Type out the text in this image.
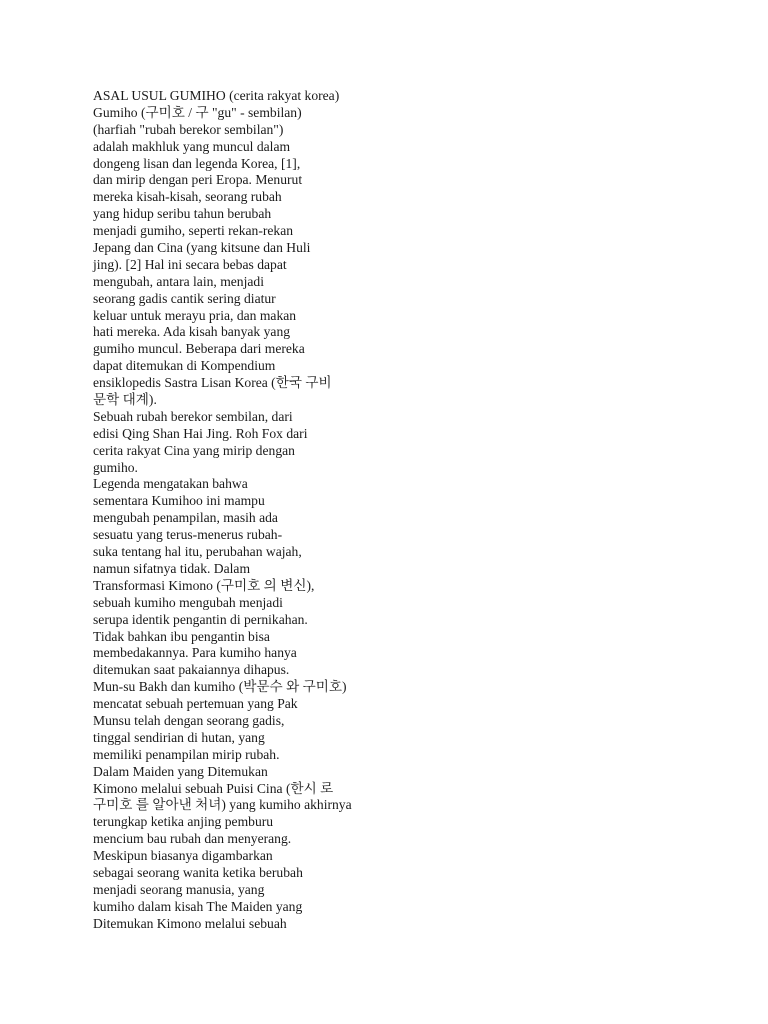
ASAL USUL GUMIHO (cerita rakyat korea)
Gumiho (구미호 / 구 "gu" - sembilan)
(harfiah "rubah berekor sembilan")
adalah makhluk yang muncul dalam
dongeng lisan dan legenda Korea, [1],
dan mirip dengan peri Eropa. Menurut
mereka kisah-kisah, seorang rubah
yang hidup seribu tahun berubah
menjadi gumiho, seperti rekan-rekan
Jepang dan Cina (yang kitsune dan Huli
jing). [2] Hal ini secara bebas dapat
mengubah, antara lain, menjadi
seorang gadis cantik sering diatur
keluar untuk merayu pria, dan makan
hati mereka. Ada kisah banyak yang
gumiho muncul. Beberapa dari mereka
dapat ditemukan di Kompendium
ensiklopedis Sastra Lisan Korea (한국 구비
문학 대계).
Sebuah rubah berekor sembilan, dari
edisi Qing Shan Hai Jing. Roh Fox dari
cerita rakyat Cina yang mirip dengan
gumiho.
Legenda mengatakan bahwa
sementara Kumihoo ini mampu
mengubah penampilan, masih ada
sesuatu yang terus-menerus rubah-
suka tentang hal itu, perubahan wajah,
namun sifatnya tidak. Dalam
Transformasi Kimono (구미호 의 변신),
sebuah kumiho mengubah menjadi
serupa identik pengantin di pernikahan.
Tidak bahkan ibu pengantin bisa
membedakannya. Para kumiho hanya
ditemukan saat pakaiannya dihapus.
Mun-su Bakh dan kumiho (박문수 와 구미호)
mencatat sebuah pertemuan yang Pak
Munsu telah dengan seorang gadis,
tinggal sendirian di hutan, yang
memiliki penampilan mirip rubah.
Dalam Maiden yang Ditemukan
Kimono melalui sebuah Puisi Cina (한시 로
구미호 를 알아낸 처녀) yang kumiho akhirnya
terungkap ketika anjing pemburu
mencium bau rubah dan menyerang.
Meskipun biasanya digambarkan
sebagai seorang wanita ketika berubah
menjadi seorang manusia, yang
kumiho dalam kisah The Maiden yang
Ditemukan Kimono melalui sebuah
